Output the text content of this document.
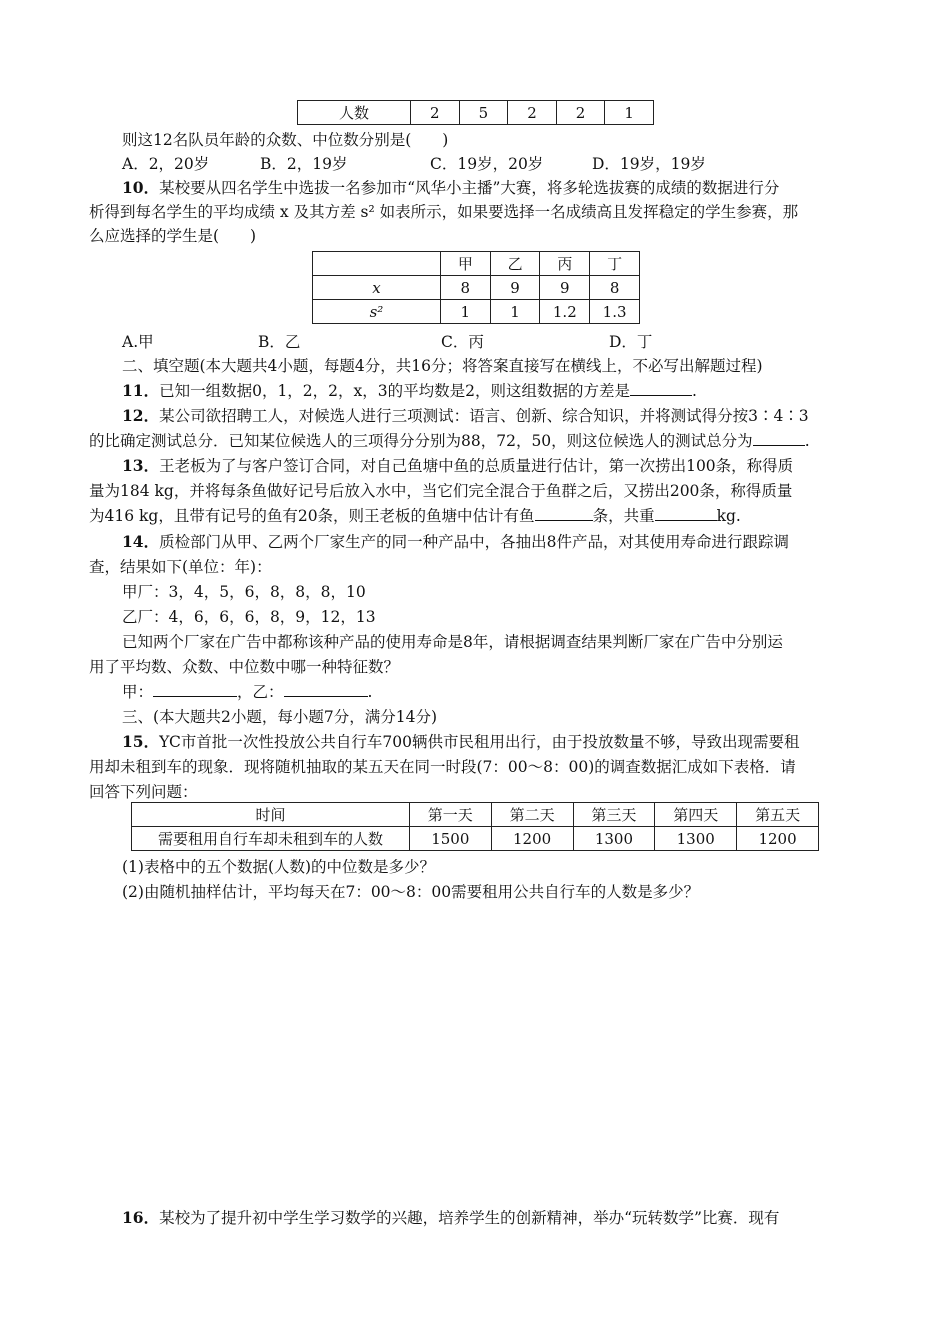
人数	2	5	2	2	1
则这12名队员年龄的众数、中位数分别是(　　)
A．2，20岁	B．2，19岁	C．19岁，20岁	D．19岁，19岁
10．某校要从四名学生中选拔一名参加市“风华小主播”大赛，将多轮选拔赛的成绩的数据进行分
析得到每名学生的平均成绩 x 及其方差 s² 如表所示，如果要选择一名成绩高且发挥稳定的学生参赛，那
么应选择的学生是(　　)
	甲	乙	丙	丁
x	8	9	9	8
s²	1	1	1.2	1.3
A.甲	B．乙	C．丙	D．丁
二、填空题(本大题共4小题，每题4分，共16分；将答案直接写在横线上，不必写出解题过程)
11．已知一组数据0，1，2，2，x，3的平均数是2，则这组数据的方差是	.
12．某公司欲招聘工人，对候选人进行三项测试：语言、创新、综合知识，并将测试得分按3∶4∶3
的比确定测试总分．已知某位候选人的三项得分分别为88，72，50，则这位候选人的测试总分为	.
13．王老板为了与客户签订合同，对自己鱼塘中鱼的总质量进行估计，第一次捞出100条，称得质
量为184 kg，并将每条鱼做好记号后放入水中，当它们完全混合于鱼群之后，又捞出200条，称得质量
为416 kg，且带有记号的鱼有20条，则王老板的鱼塘中估计有鱼	条，共重	kg.
14．质检部门从甲、乙两个厂家生产的同一种产品中，各抽出8件产品，对其使用寿命进行跟踪调
查，结果如下(单位：年)：
甲厂：3，4，5，6，8，8，8，10
乙厂：4，6，6，6，8，9，12，13
已知两个厂家在广告中都称该种产品的使用寿命是8年，请根据调查结果判断厂家在广告中分别运
用了平均数、众数、中位数中哪一种特征数？
甲：	，乙：	.
三、(本大题共2小题，每小题7分，满分14分)
15．YC市首批一次性投放公共自行车700辆供市民租用出行，由于投放数量不够，导致出现需要租
用却未租到车的现象．现将随机抽取的某五天在同一时段(7：00～8：00)的调查数据汇成如下表格．请
回答下列问题：
时间	第一天	第二天	第三天	第四天	第五天
需要租用自行车却未租到车的人数	1500	1200	1300	1300	1200
(1)表格中的五个数据(人数)的中位数是多少？
(2)由随机抽样估计，平均每天在7：00～8：00需要租用公共自行车的人数是多少？
16．某校为了提升初中学生学习数学的兴趣，培养学生的创新精神，举办“玩转数学”比赛．现有
